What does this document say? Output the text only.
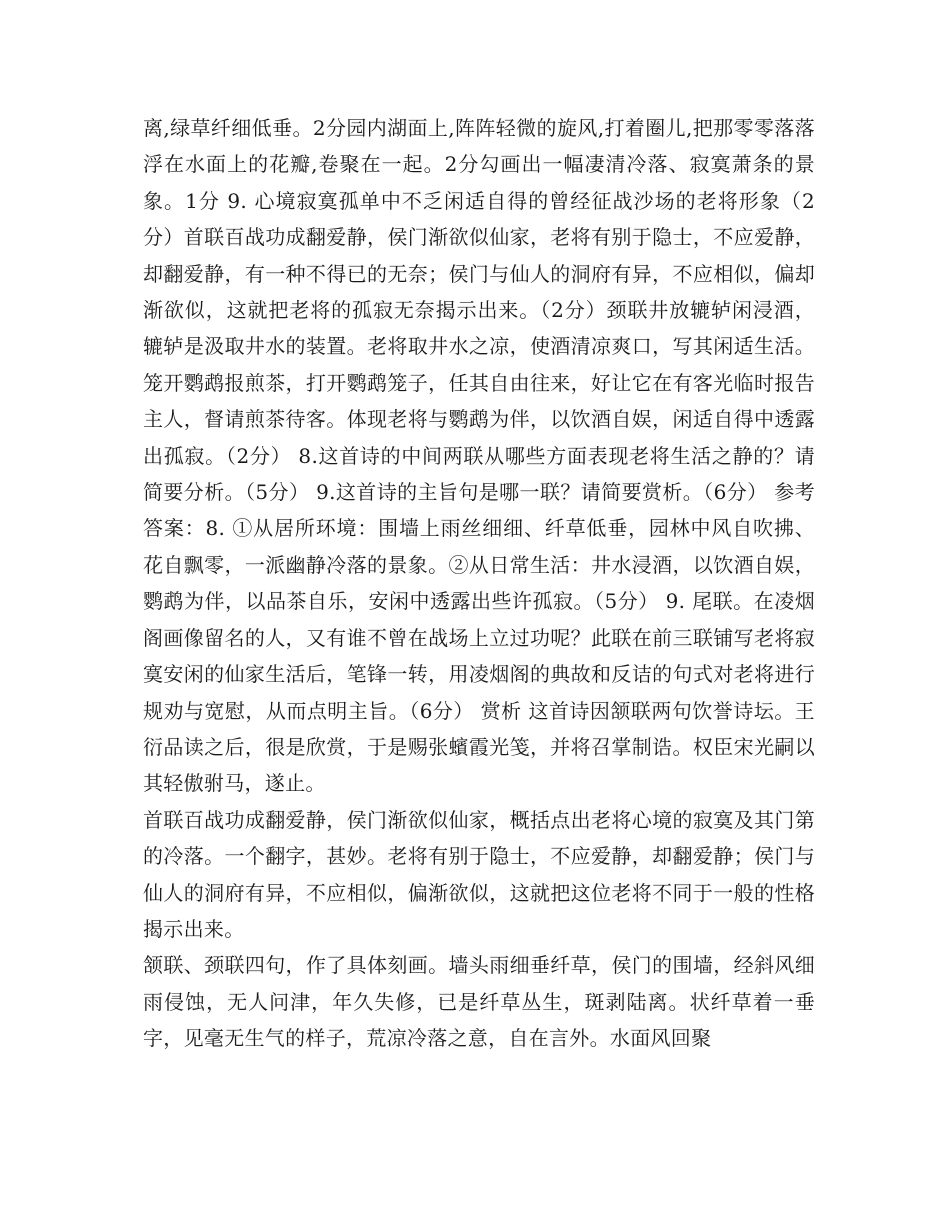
离,绿草纤细低垂。2分园内湖面上,阵阵轻微的旋风,打着圈儿,把那零零落落浮在水面上的花瓣,卷聚在一起。2分勾画出一幅凄清冷落、寂寞萧条的景象。1分 9. 心境寂寞孤单中不乏闲适自得的曾经征战沙场的老将形象（2分）首联百战功成翻爱静，侯门渐欲似仙家，老将有别于隐士，不应爱静，却翻爱静，有一种不得已的无奈；侯门与仙人的洞府有异，不应相似，偏却渐欲似，这就把老将的孤寂无奈揭示出来。（2分）颈联井放辘轳闲浸酒，辘轳是汲取井水的装置。老将取井水之凉，使酒清凉爽口，写其闲适生活。笼开鹦鹉报煎茶，打开鹦鹉笼子，任其自由往来，好让它在有客光临时报告主人，督请煎茶待客。体现老将与鹦鹉为伴，以饮酒自娱，闲适自得中透露出孤寂。（2分） 8.这首诗的中间两联从哪些方面表现老将生活之静的？请简要分析。（5分） 9.这首诗的主旨句是哪一联？请简要赏析。（6分） 参考答案：8. ①从居所环境：围墙上雨丝细细、纤草低垂，园林中风自吹拂、花自飘零，一派幽静冷落的景象。②从日常生活：井水浸酒，以饮酒自娱，鹦鹉为伴，以品茶自乐，安闲中透露出些许孤寂。（5分） 9. 尾联。在凌烟阁画像留名的人，又有谁不曾在战场上立过功呢？此联在前三联铺写老将寂寞安闲的仙家生活后，笔锋一转，用凌烟阁的典故和反诘的句式对老将进行规劝与宽慰，从而点明主旨。（6分） 赏析 这首诗因颔联两句饮誉诗坛。王衍品读之后，很是欣赏，于是赐张蠙霞光笺，并将召掌制诰。权臣宋光嗣以其轻傲驸马，遂止。

首联百战功成翻爱静，侯门渐欲似仙家，概括点出老将心境的寂寞及其门第的冷落。一个翻字，甚妙。老将有别于隐士，不应爱静，却翻爱静；侯门与仙人的洞府有异，不应相似，偏渐欲似，这就把这位老将不同于一般的性格揭示出来。

颔联、颈联四句，作了具体刻画。墙头雨细垂纤草，侯门的围墙，经斜风细雨侵蚀，无人问津，年久失修，已是纤草丛生，斑剥陆离。状纤草着一垂字，见毫无生气的样子，荒凉冷落之意，自在言外。水面风回聚
